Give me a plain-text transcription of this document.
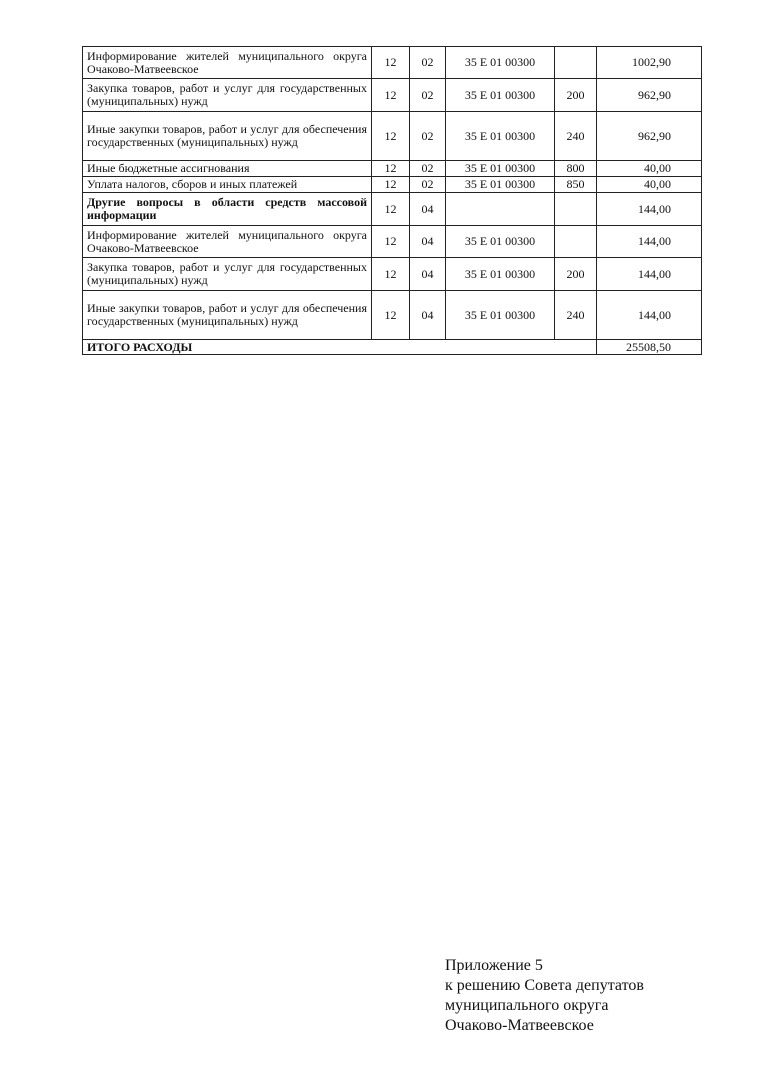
Информирование жителей муниципального округа Очаково-Матвеевское	12	02	35 Е 01 00300		1002,90
Закупка товаров, работ и услуг для государственных (муниципальных) нужд	12	02	35 Е 01 00300	200	962,90
Иные закупки товаров, работ и услуг для обеспечения государственных (муниципальных) нужд	12	02	35 Е 01 00300	240	962,90
Иные бюджетные ассигнования	12	02	35 Е 01 00300	800	40,00
Уплата налогов, сборов и иных платежей	12	02	35 Е 01 00300	850	40,00
Другие вопросы в области средств массовой информации	12	04			144,00
Информирование жителей муниципального округа Очаково-Матвеевское	12	04	35 Е 01 00300		144,00
Закупка товаров, работ и услуг для государственных (муниципальных) нужд	12	04	35 Е 01 00300	200	144,00
Иные закупки товаров, работ и услуг для обеспечения государственных (муниципальных) нужд	12	04	35 Е 01 00300	240	144,00
ИТОГО РАСХОДЫ					25508,50
Приложение 5
к решению Совета депутатов
муниципального округа
Очаково-Матвеевское
